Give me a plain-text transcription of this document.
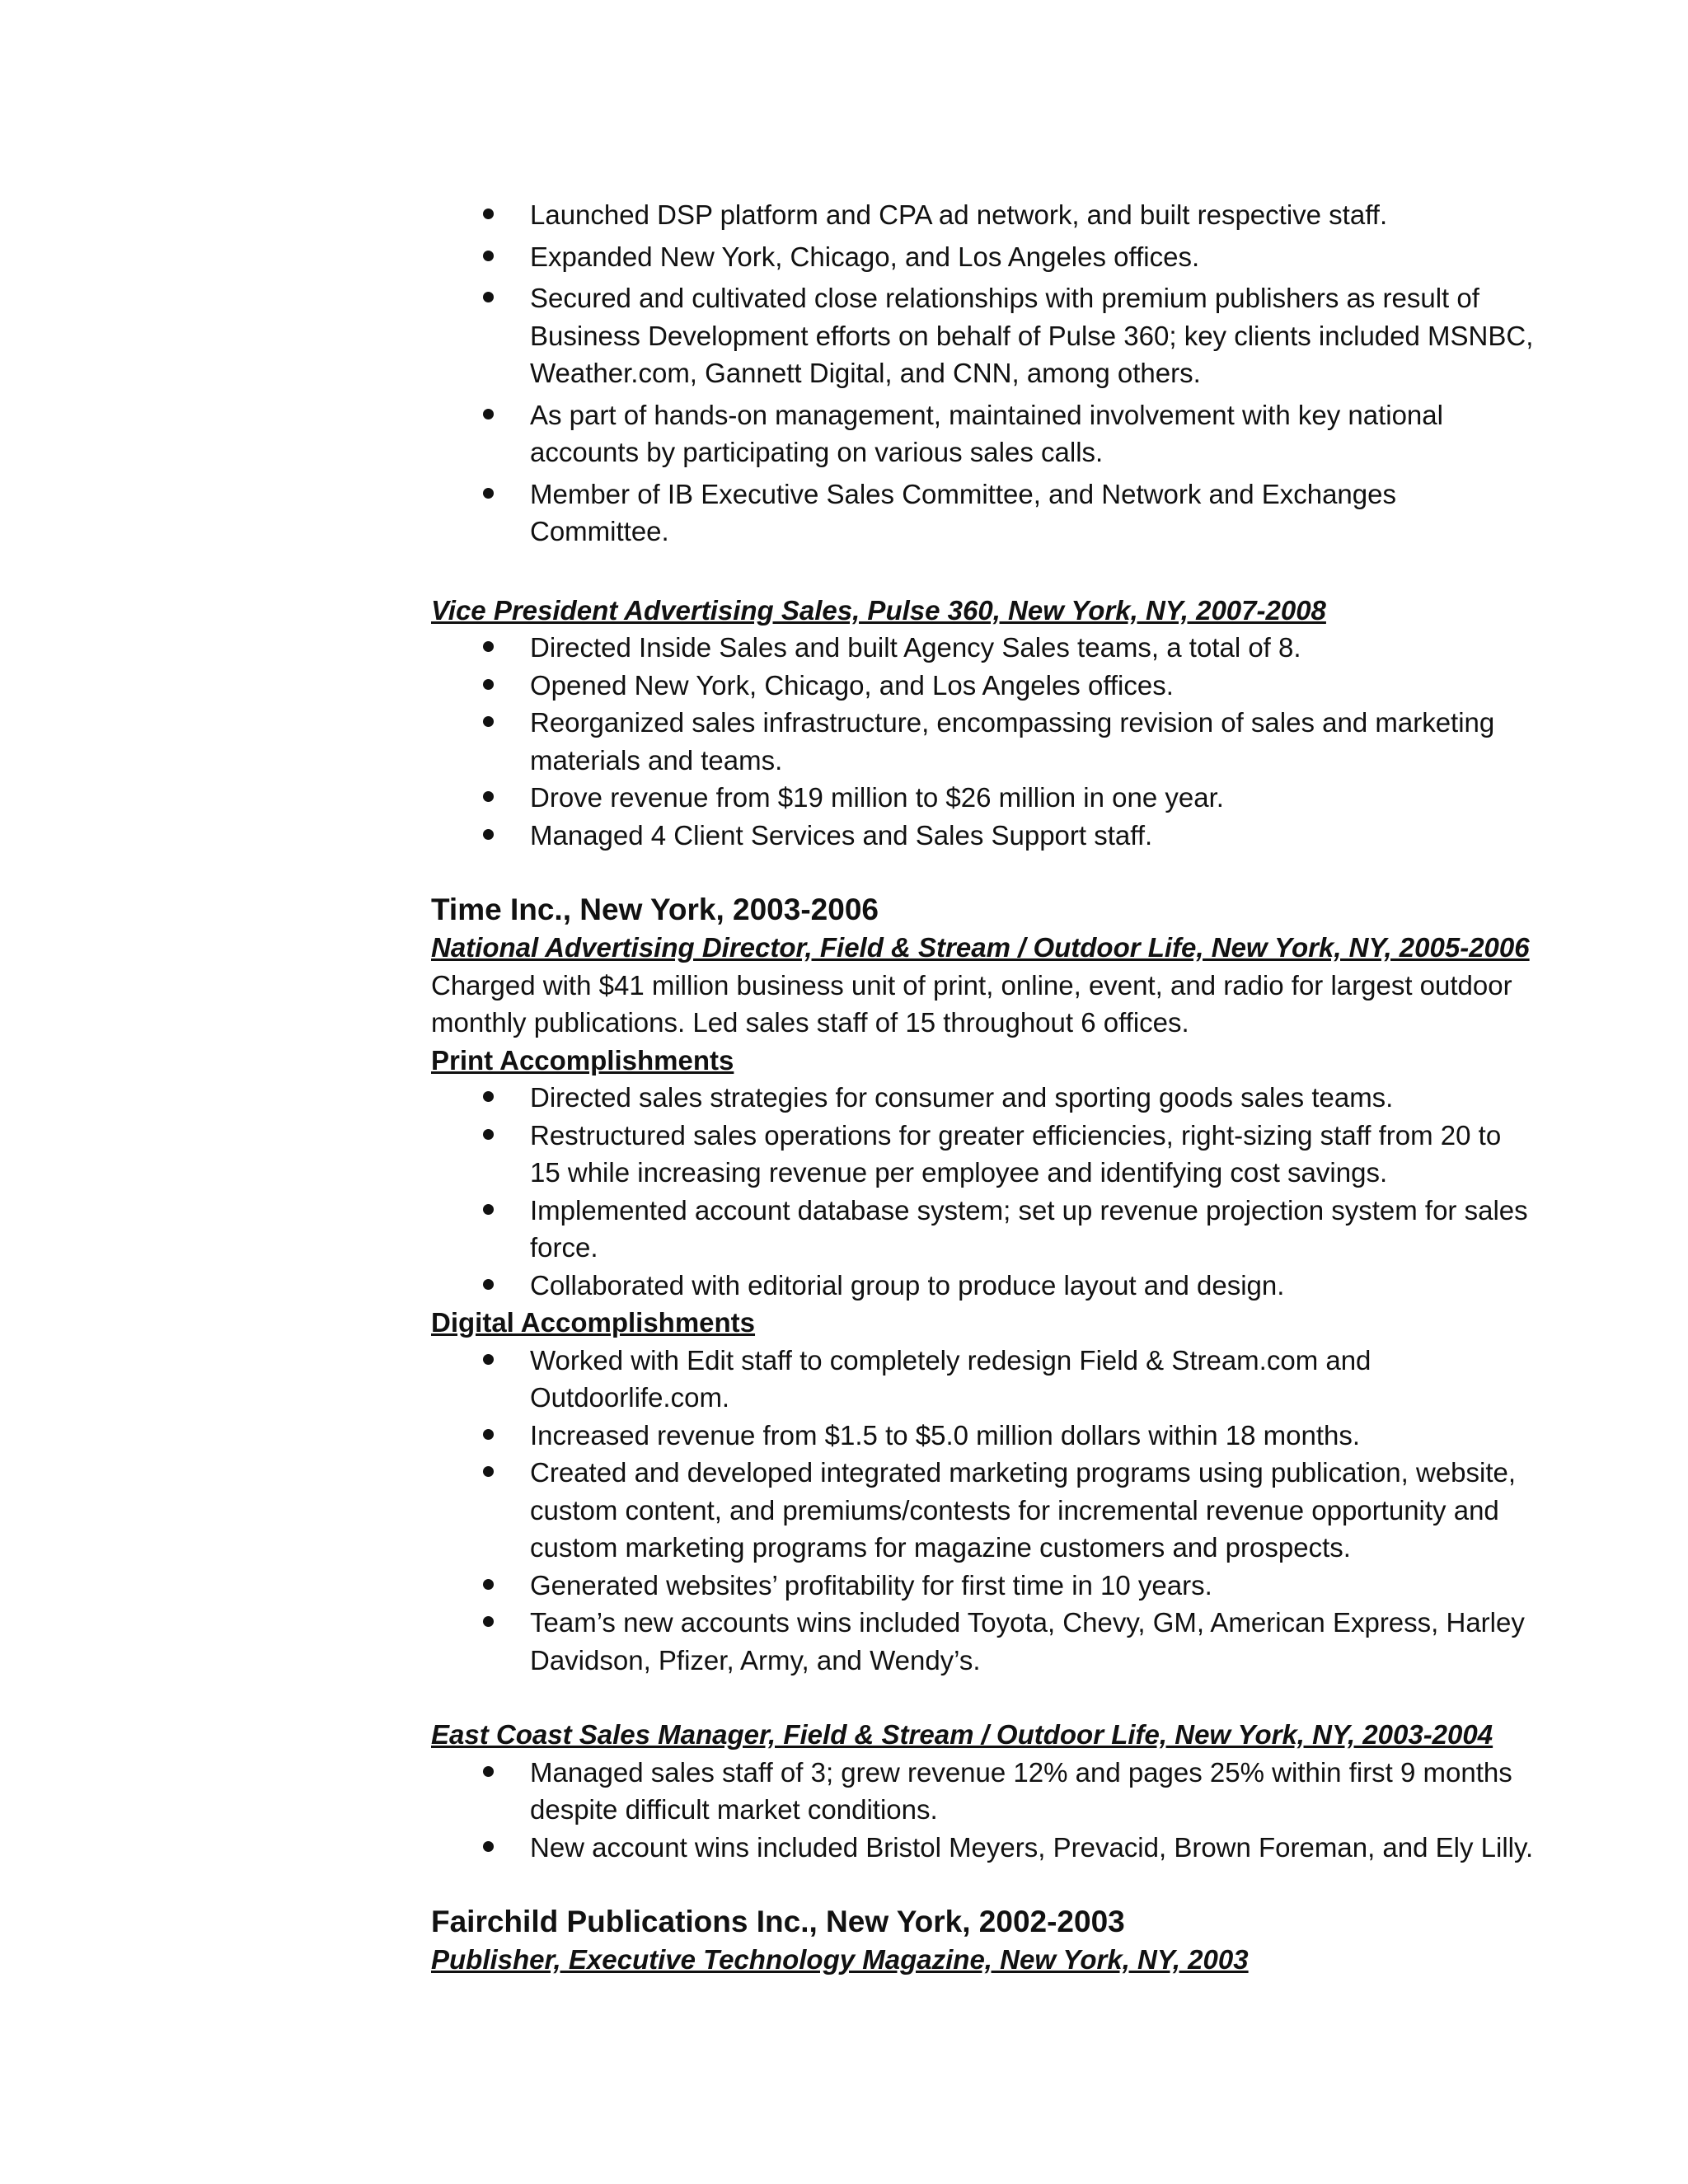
Launched DSP platform and CPA ad network, and built respective staff.
Expanded New York, Chicago, and Los Angeles offices.
Secured and cultivated close relationships with premium publishers as result of Business Development efforts on behalf of Pulse 360; key clients included MSNBC, Weather.com, Gannett Digital, and CNN, among others.
As part of hands-on management, maintained involvement with key national accounts by participating on various sales calls.
Member of IB Executive Sales Committee, and Network and Exchanges Committee.
Vice President Advertising Sales, Pulse 360, New York, NY, 2007-2008
Directed Inside Sales and built Agency Sales teams, a total of 8.
Opened New York, Chicago, and Los Angeles offices.
Reorganized sales infrastructure, encompassing revision of sales and marketing materials and teams.
Drove revenue from $19 million to $26 million in one year.
Managed 4 Client Services and Sales Support staff.
Time Inc., New York, 2003-2006
National Advertising Director, Field & Stream / Outdoor Life, New York, NY, 2005-2006
Charged with $41 million business unit of print, online, event, and radio for largest outdoor monthly publications. Led sales staff of 15 throughout 6 offices.
Print Accomplishments
Directed sales strategies for consumer and sporting goods sales teams.
Restructured sales operations for greater efficiencies, right-sizing staff from 20 to 15 while increasing revenue per employee and identifying cost savings.
Implemented account database system; set up revenue projection system for sales force.
Collaborated with editorial group to produce layout and design.
Digital Accomplishments
Worked with Edit staff to completely redesign Field & Stream.com and Outdoorlife.com.
Increased revenue from $1.5 to $5.0 million dollars within 18 months.
Created and developed integrated marketing programs using publication, website, custom content, and premiums/contests for incremental revenue opportunity and custom marketing programs for magazine customers and prospects.
Generated websites’ profitability for first time in 10 years.
Team’s new accounts wins included Toyota, Chevy, GM, American Express, Harley Davidson, Pfizer, Army, and Wendy’s.
East Coast Sales Manager, Field & Stream / Outdoor Life, New York, NY, 2003-2004
Managed sales staff of 3; grew revenue 12% and pages 25% within first 9 months despite difficult market conditions.
New account wins included Bristol Meyers, Prevacid, Brown Foreman, and Ely Lilly.
Fairchild Publications Inc., New York, 2002-2003
Publisher, Executive Technology Magazine, New York, NY, 2003
